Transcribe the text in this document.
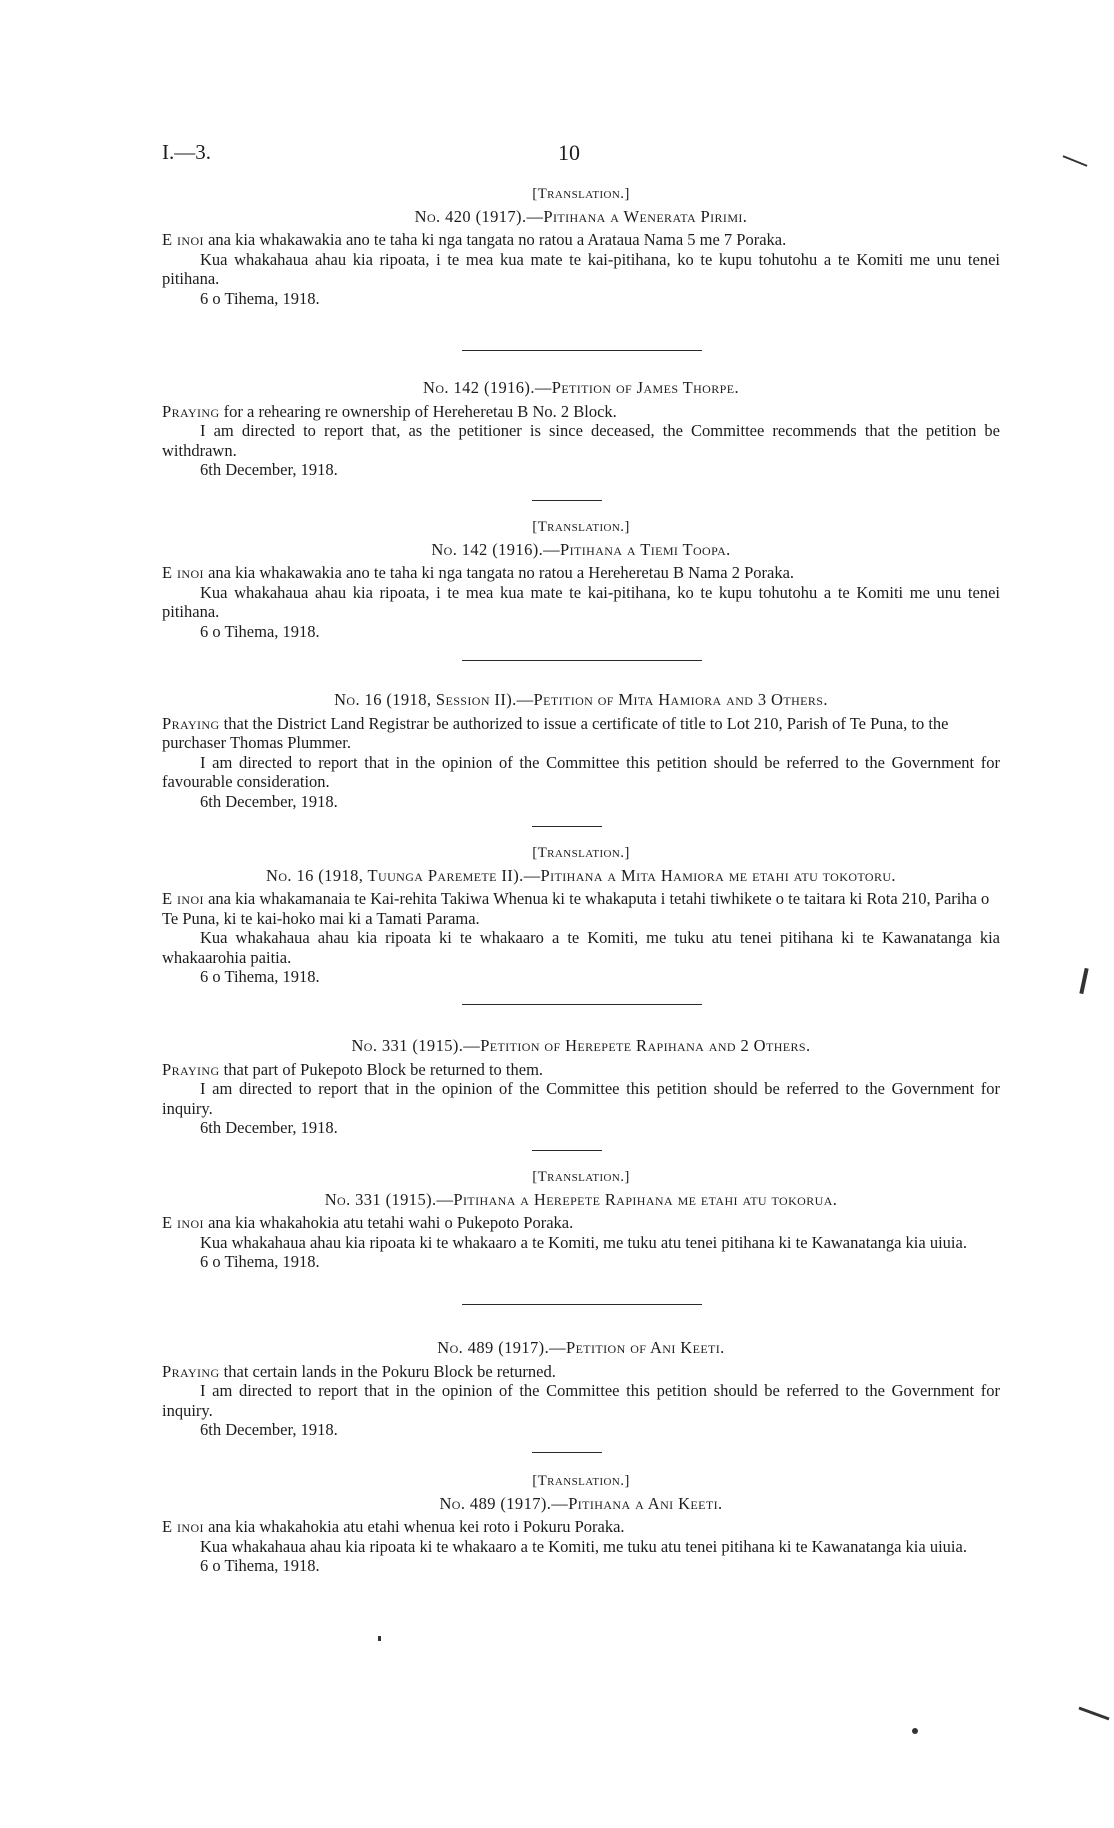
I.—3.	10
[Translation.]
No. 420 (1917).—Pitihana a Wenerata Pirimi.

E inoi ana kia whakawakia ano te taha ki nga tangata no ratou a Arataua Nama 5 me 7 Poraka.

Kua whakahaua ahau kia ripoata, i te mea kua mate te kai-pitihana, ko te kupu tohutohu a te Komiti me unu tenei pitihana.

6 o Tihema, 1918.

No. 142 (1916).—Petition of James Thorpe.

Praying for a rehearing re ownership of Hereheretau B No. 2 Block.

I am directed to report that, as the petitioner is since deceased, the Committee recommends that the petition be withdrawn.

6th December, 1918.

[Translation.]
No. 142 (1916).—Pitihana a Tiemi Toopa.

E inoi ana kia whakawakia ano te taha ki nga tangata no ratou a Hereheretau B Nama 2 Poraka.

Kua whakahaua ahau kia ripoata, i te mea kua mate te kai-pitihana, ko te kupu tohutohu a te Komiti me unu tenei pitihana.

6 o Tihema, 1918.

No. 16 (1918, Session II).—Petition of Mita Hamiora and 3 Others.

Praying that the District Land Registrar be authorized to issue a certificate of title to Lot 210, Parish of Te Puna, to the purchaser Thomas Plummer.

I am directed to report that in the opinion of the Committee this petition should be referred to the Government for favourable consideration.

6th December, 1918.

[Translation.]
No. 16 (1918, Tuunga Paremete II).—Pitihana a Mita Hamiora me etahi atu tokotoru.

E inoi ana kia whakamanaia te Kai-rehita Takiwa Whenua ki te whakaputa i tetahi tiwhikete o te taitara ki Rota 210, Pariha o Te Puna, ki te kai-hoko mai ki a Tamati Parama.

Kua whakahaua ahau kia ripoata ki te whakaaro a te Komiti, me tuku atu tenei pitihana ki te Kawanatanga kia whakaarohia paitia.

6 o Tihema, 1918.

No. 331 (1915).—Petition of Herepete Rapihana and 2 Others.

Praying that part of Pukepoto Block be returned to them.

I am directed to report that in the opinion of the Committee this petition should be referred to the Government for inquiry.

6th December, 1918.

[Translation.]
No. 331 (1915).—Pitihana a Herepete Rapihana me etahi atu tokorua.

E inoi ana kia whakahokia atu tetahi wahi o Pukepoto Poraka.

Kua whakahaua ahau kia ripoata ki te whakaaro a te Komiti, me tuku atu tenei pitihana ki te Kawanatanga kia uiuia.

6 o Tihema, 1918.

No. 489 (1917).—Petition of Ani Keeti.

Praying that certain lands in the Pokuru Block be returned.

I am directed to report that in the opinion of the Committee this petition should be referred to the Government for inquiry.

6th December, 1918.

[Translation.]
No. 489 (1917).—Pitihana a Ani Keeti.

E inoi ana kia whakahokia atu etahi whenua kei roto i Pokuru Poraka.

Kua whakahaua ahau kia ripoata ki te whakaaro a te Komiti, me tuku atu tenei pitihana ki te Kawanatanga kia uiuia.

6 o Tihema, 1918.
